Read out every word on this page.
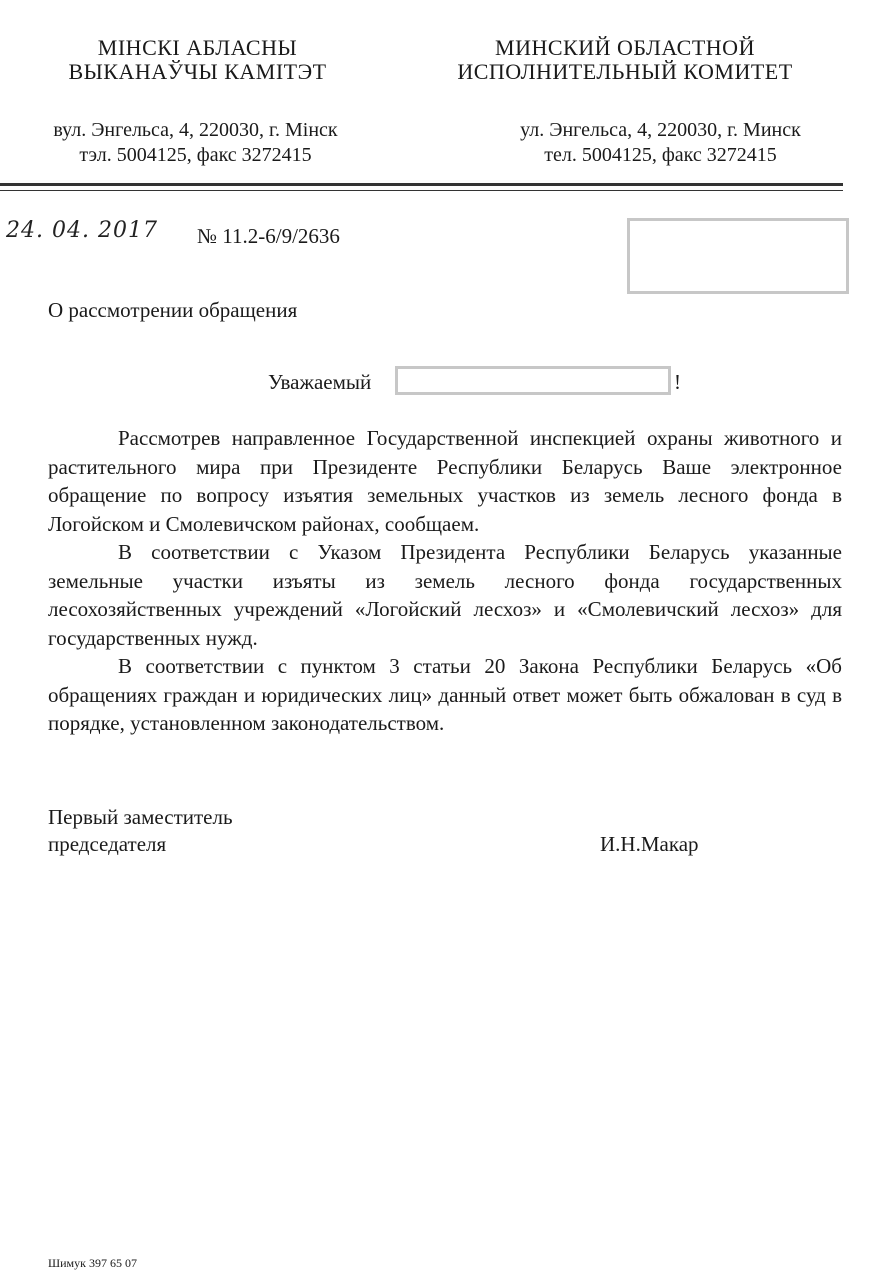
МІНСКІ АБЛАСНЫ
ВЫКАНАЎЧЫ КАМІТЭТ
МИНСКИЙ ОБЛАСТНОЙ
ИСПОЛНИТЕЛЬНЫЙ КОМИТЕТ
вул. Энгельса, 4, 220030, г. Мінск
тэл. 5004125, факс 3272415
ул. Энгельса, 4, 220030, г. Минск
тел. 5004125, факс 3272415
24. 04. 2017 № 11.2-6/9/2636
О рассмотрении обращения
Уважаемый	!

Рассмотрев направленное Государственной инспекцией охраны животного и растительного мира при Президенте Республики Беларусь Ваше электронное обращение по вопросу изъятия земельных участков из земель лесного фонда в Логойском и Смолевичском районах, сообщаем.

В соответствии с Указом Президента Республики Беларусь указанные земельные участки изъяты из земель лесного фонда государственных лесохозяйственных учреждений «Логойский лесхоз» и «Смолевичский лесхоз» для государственных нужд.

В соответствии с пунктом 3 статьи 20 Закона Республики Беларусь «Об обращениях граждан и юридических лиц» данный ответ может быть обжалован в суд в порядке, установленном законодательством.

Первый заместитель
председателя	И.Н.Макар
Шимук 397 65 07
